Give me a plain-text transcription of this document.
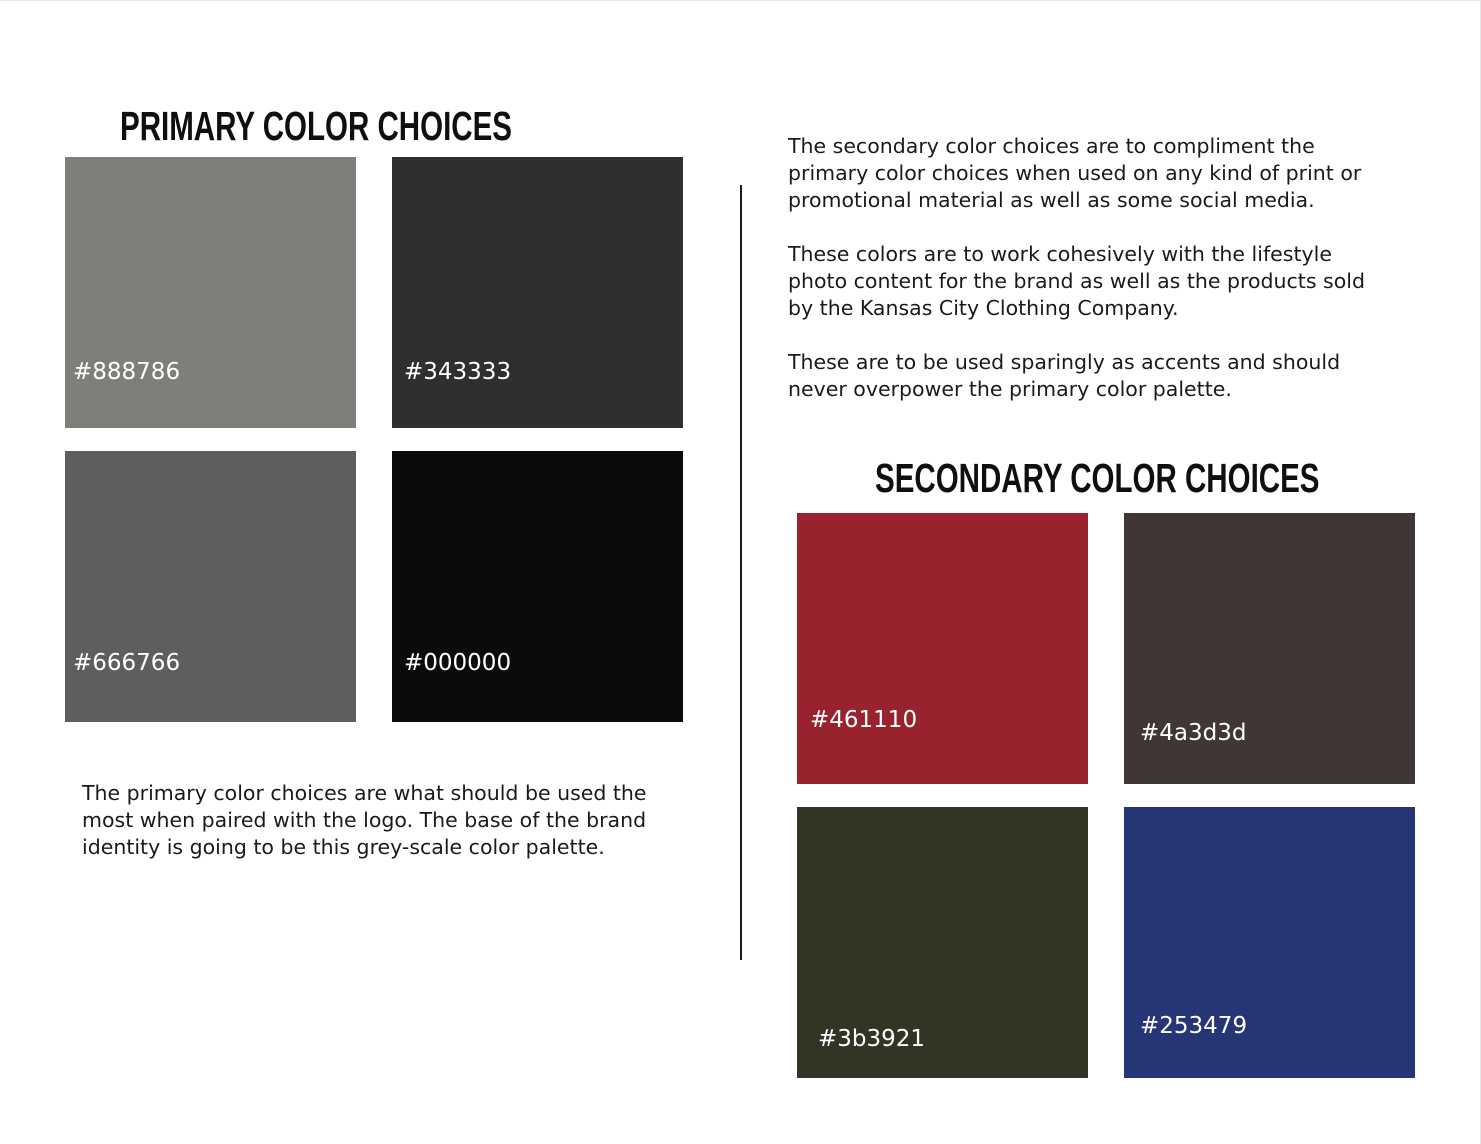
PRIMARY COLOR CHOICES
#888786	#343333
#666766	#000000

The primary color choices are what should be used the
most when paired with the logo. The base of the brand
identity is going to be this grey-scale color palette.

The secondary color choices are to compliment the
primary color choices when used on any kind of print or
promotional material as well as some social media.

These colors are to work cohesively with the lifestyle
photo content for the brand as well as the products sold
by the Kansas City Clothing Company.

These are to be used sparingly as accents and should
never overpower the primary color palette.

SECONDARY COLOR CHOICES
#461110	#4a3d3d
#3b3921	#253479
